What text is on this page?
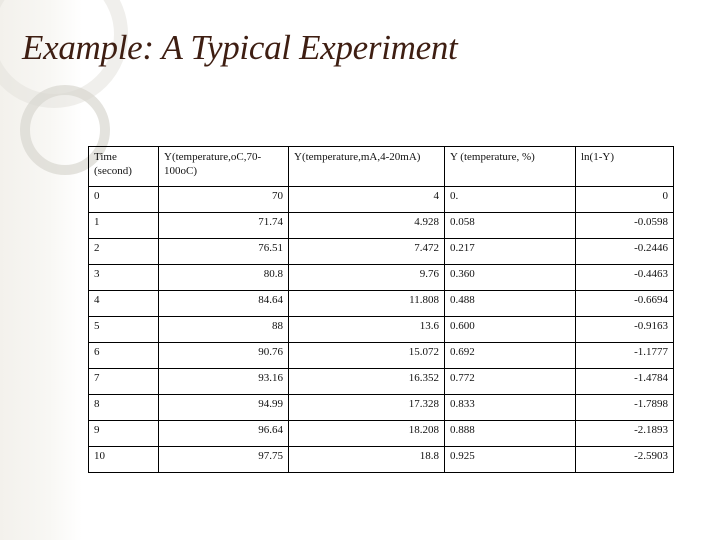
Example: A Typical Experiment
Time (second)	Y(temperature,oC,70-100oC)	Y(temperature,mA,4-20mA)	Y (temperature, %)	ln(1-Y)
0	70	4	0.	0
1	71.74	4.928	0.058	-0.0598
2	76.51	7.472	0.217	-0.2446
3	80.8	9.76	0.360	-0.4463
4	84.64	11.808	0.488	-0.6694
5	88	13.6	0.600	-0.9163
6	90.76	15.072	0.692	-1.1777
7	93.16	16.352	0.772	-1.4784
8	94.99	17.328	0.833	-1.7898
9	96.64	18.208	0.888	-2.1893
10	97.75	18.8	0.925	-2.5903
